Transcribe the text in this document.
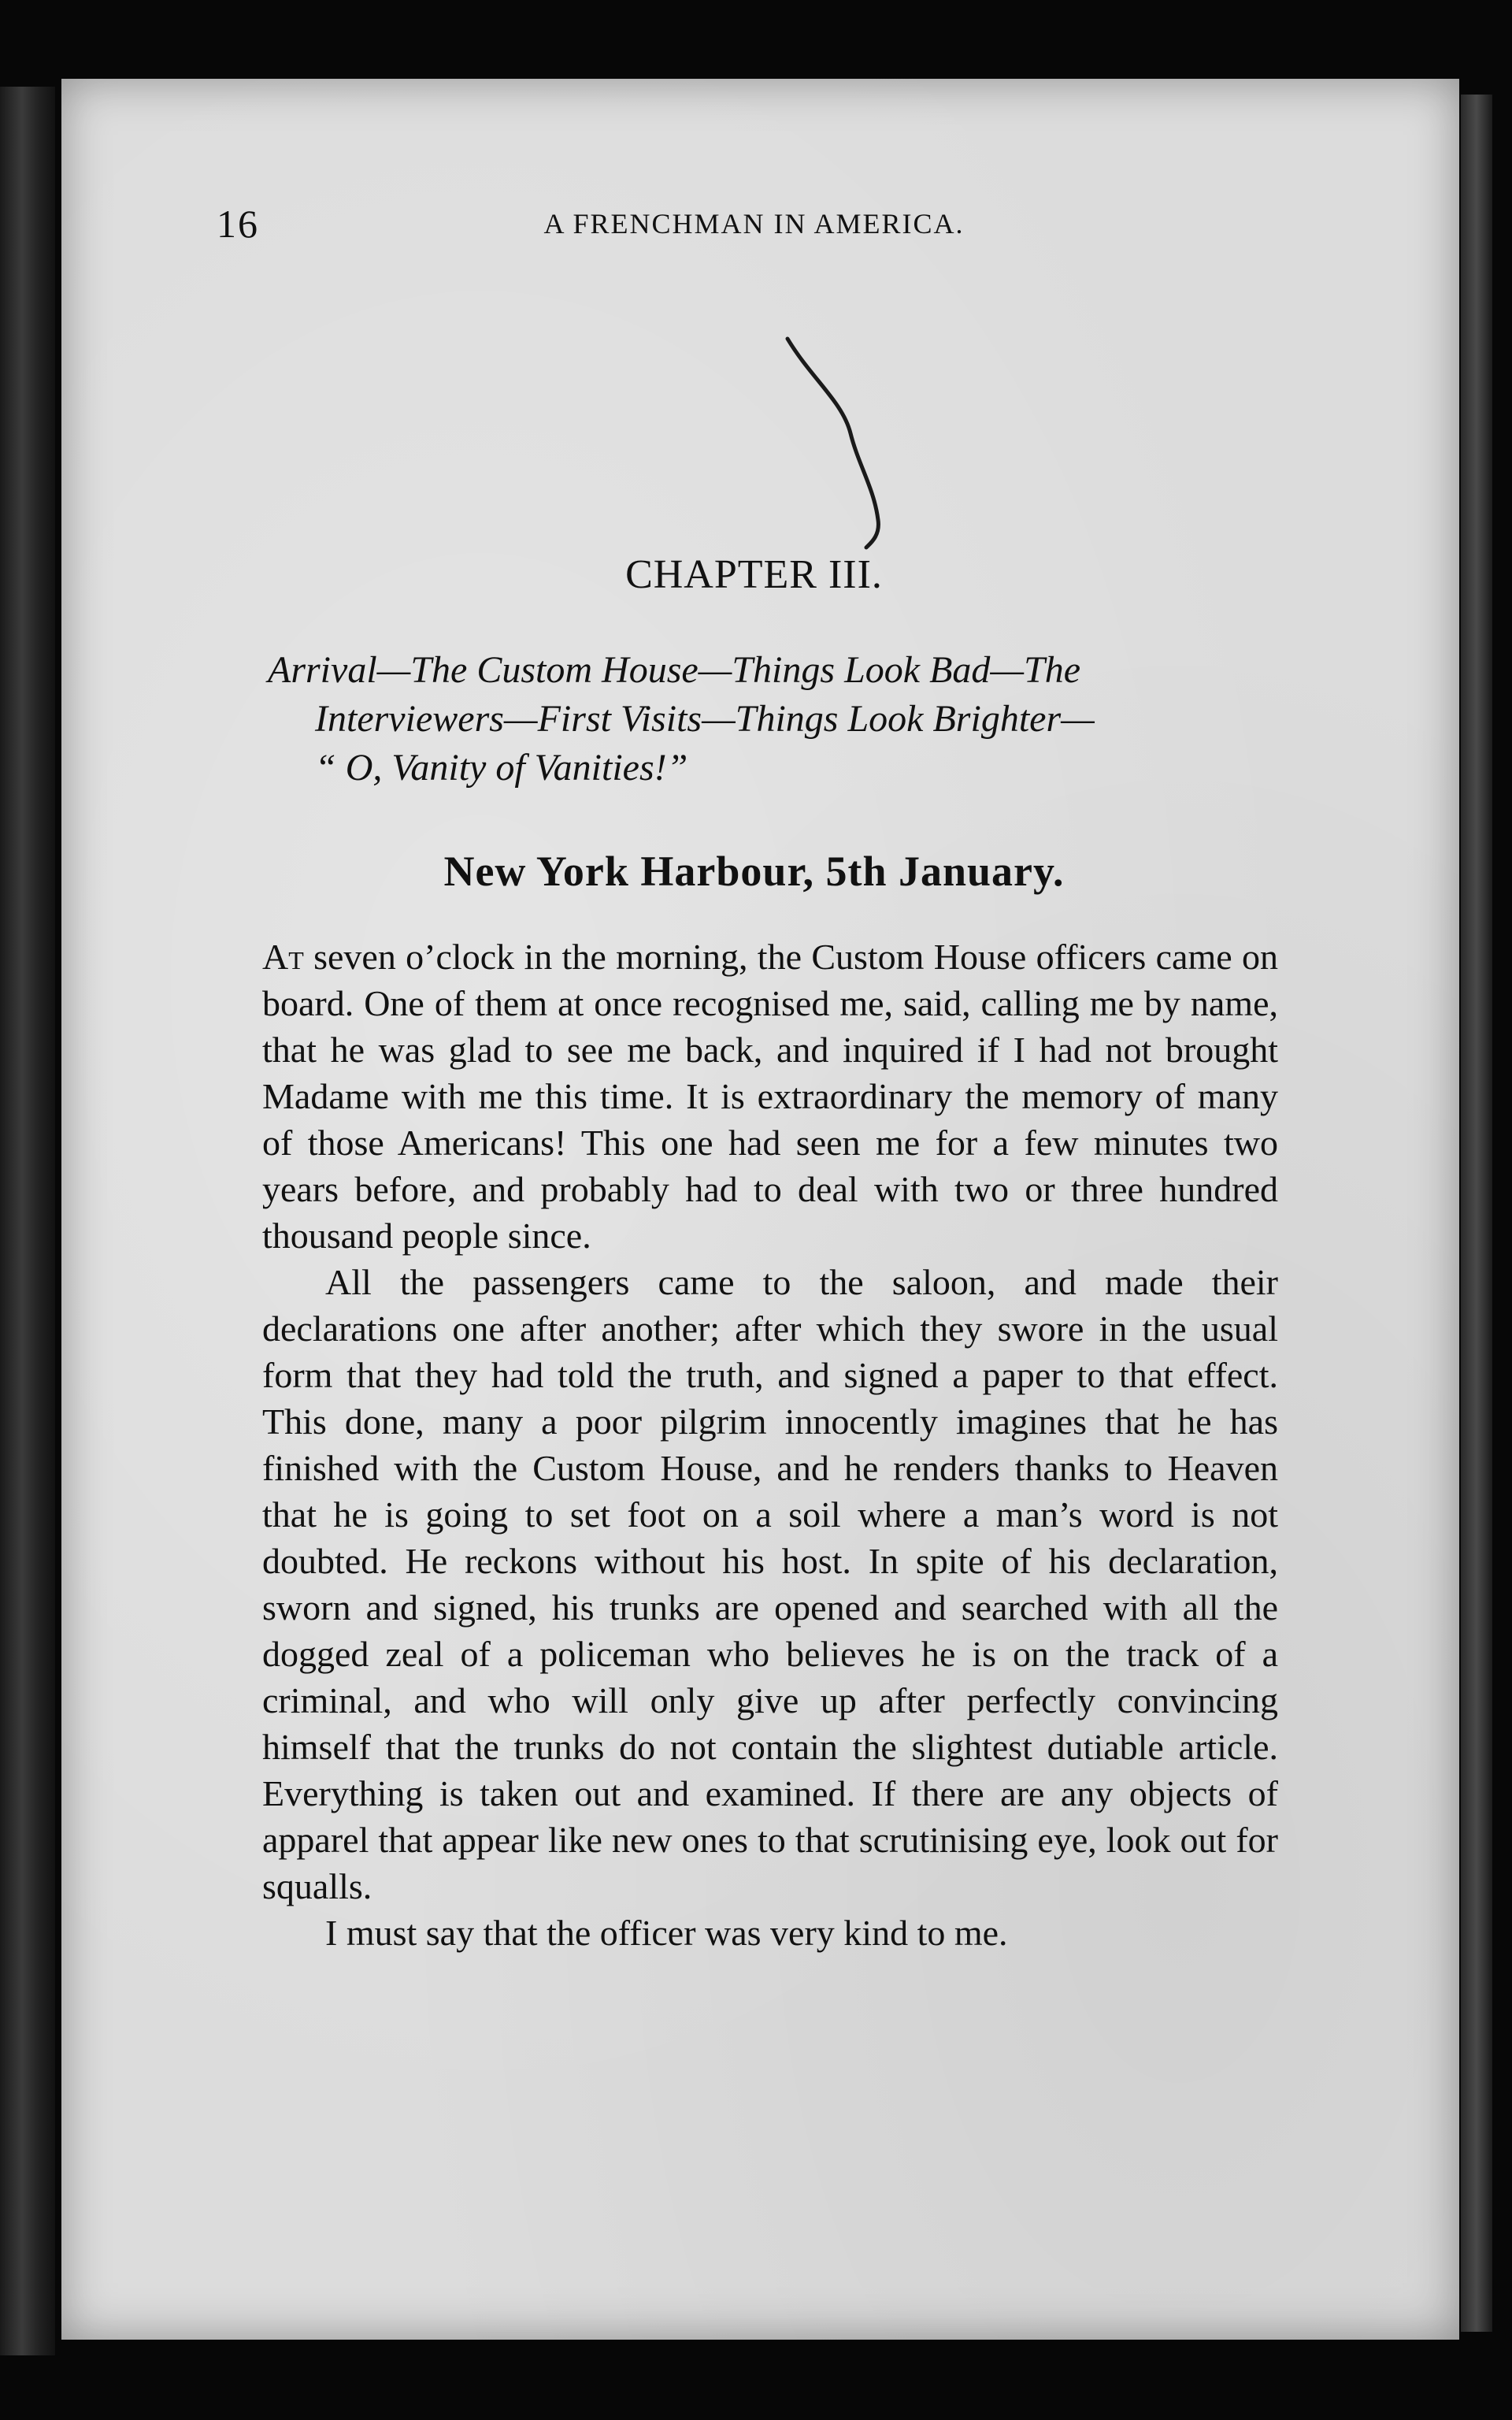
16	A FRENCHMAN IN AMERICA.
CHAPTER III.
Arrival—The Custom House—Things Look Bad—The
Interviewers—First Visits—Things Look Brighter—
“ O, Vanity of Vanities!”
New York Harbour, 5th January.

At seven o’clock in the morning, the Custom House officers came on board. One of them at once recognised me, said, calling me by name, that he was glad to see me back, and inquired if I had not brought Madame with me this time. It is extraordinary the memory of many of those Americans! This one had seen me for a few minutes two years before, and probably had to deal with two or three hundred thousand people since.

All the passengers came to the saloon, and made their declarations one after another; after which they swore in the usual form that they had told the truth, and signed a paper to that effect. This done, many a poor pilgrim innocently imagines that he has finished with the Custom House, and he renders thanks to Heaven that he is going to set foot on a soil where a man’s word is not doubted. He reckons without his host. In spite of his declaration, sworn and signed, his trunks are opened and searched with all the dogged zeal of a policeman who believes he is on the track of a criminal, and who will only give up after perfectly convincing himself that the trunks do not contain the slightest dutiable article. Everything is taken out and examined. If there are any objects of apparel that appear like new ones to that scrutinising eye, look out for squalls.

I must say that the officer was very kind to me.
